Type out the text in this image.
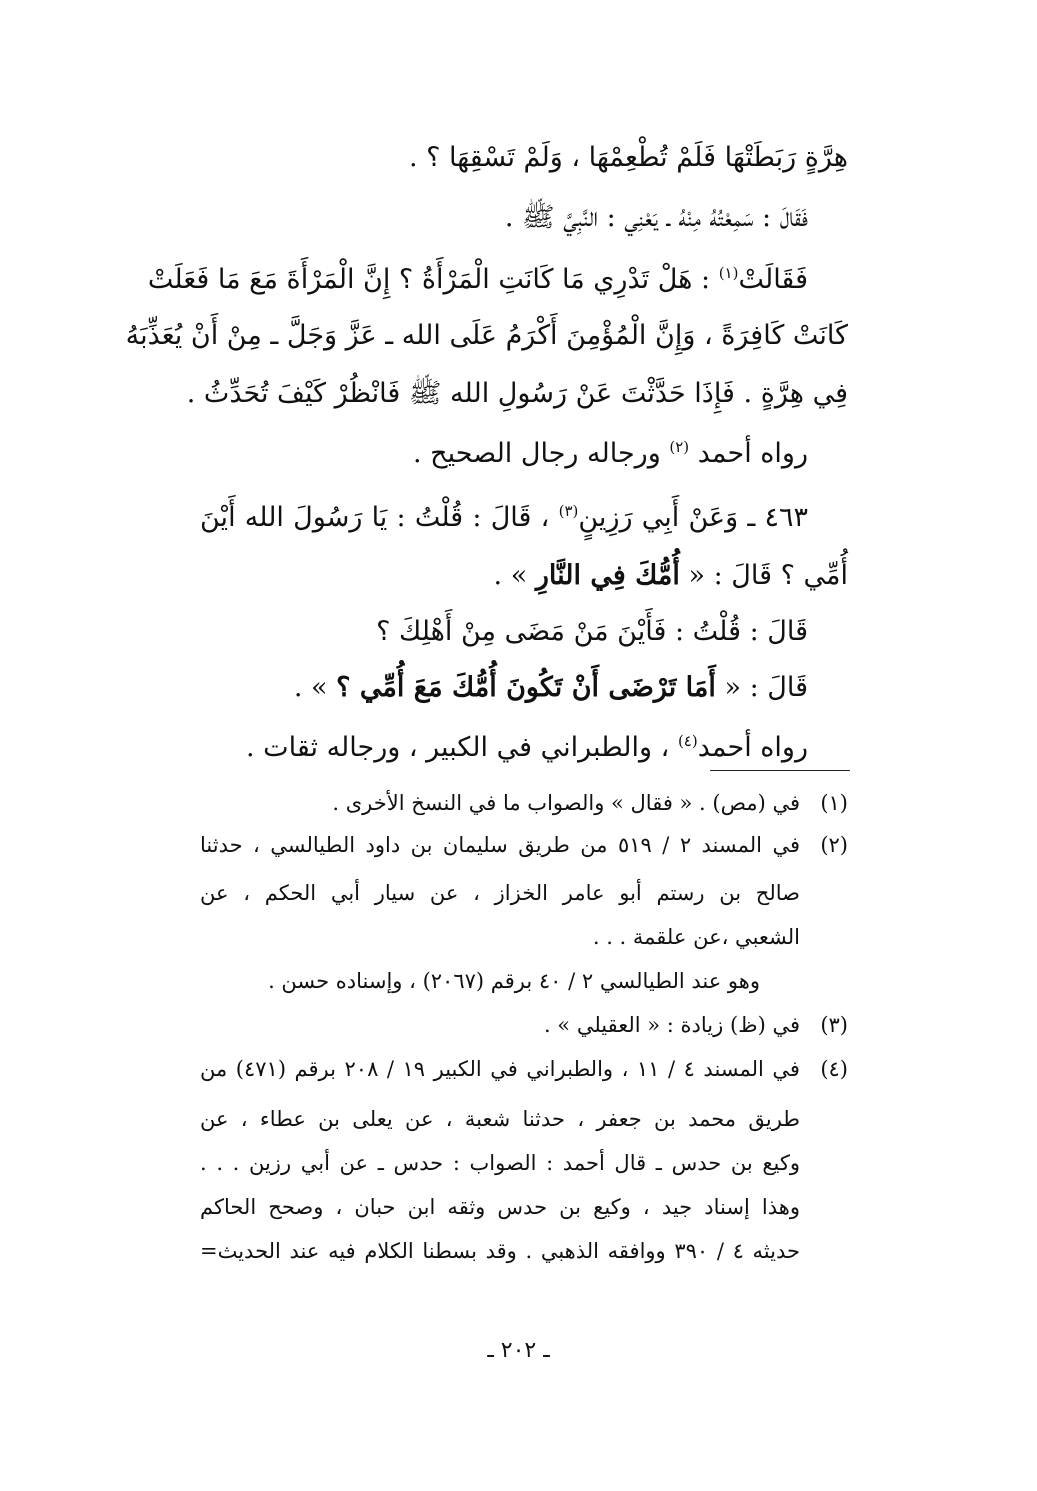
هِرَّةٍ رَبَطَتْهَا فَلَمْ تُطْعِمْهَا ، وَلَمْ تَسْقِهَا ؟ .
فَقَالَ : سَمِعْتُهُ مِنْهُ ـ يَعْنِي : النَّبِيَّ ﷺ .
فَقَالَتْ$^{(١)}$ : هَلْ تَدْرِي مَا كَانَتِ الْمَرْأَةُ ؟ إِنَّ الْمَرْأَةَ مَعَ مَا فَعَلَتْ
كَانَتْ كَافِرَةً ، وَإِنَّ الْمُؤْمِنَ أَكْرَمُ عَلَى الله ـ عَزَّ وَجَلَّ ـ مِنْ أَنْ يُعَذِّبَهُ
فِي هِرَّةٍ . فَإِذَا حَدَّثْتَ عَنْ رَسُولِ الله ﷺ فَانْظُرْ كَيْفَ تُحَدِّثُ .
رواه أحمد $^{(٢)}$ ورجاله رجال الصحيح .
٤٦٣ ـ وَعَنْ أَبِي رَزِينٍ$^{(٣)}$ ، قَالَ : قُلْتُ : يَا رَسُولَ الله أَيْنَ
أُمِّي ؟ قَالَ : « أُمُّكَ فِي النَّارِ » .
قَالَ : قُلْتُ : فَأَيْنَ مَنْ مَضَى مِنْ أَهْلِكَ ؟
قَالَ : « أَمَا تَرْضَى أَنْ تَكُونَ أُمُّكَ مَعَ أُمِّي ؟ » .
رواه أحمد$^{(٤)}$ ، والطبراني في الكبير ، ورجاله ثقات .
(١)
في (مص) . « فقال » والصواب ما في النسخ الأخرى .
(٢)
في المسند ٢ / ٥١٩ من طريق سليمان بن داود الطيالسي ، حدثنا
صالح بن رستم أبو عامر الخزاز ، عن سيار أبي الحكم ، عن
الشعبي ،عن علقمة . . .
وهو عند الطيالسي ٢ / ٤٠ برقم (٢٠٦٧) ، وإسناده حسن .
(٣)
في (ظ) زيادة : « العقيلي » .
(٤)
في المسند ٤ / ١١ ، والطبراني في الكبير ١٩ / ٢٠٨ برقم (٤٧١) من
طريق محمد بن جعفر ، حدثنا شعبة ، عن يعلى بن عطاء ، عن
وكيع بن حدس ـ قال أحمد : الصواب : حدس ـ عن أبي رزين . . .
وهذا إسناد جيد ، وكيع بن حدس وثقه ابن حبان ، وصحح الحاكم
حديثه ٤ / ٣٩٠ ووافقه الذهبي . وقد بسطنا الكلام فيه عند الحديث=
ـ ٢٠٢ ـ
